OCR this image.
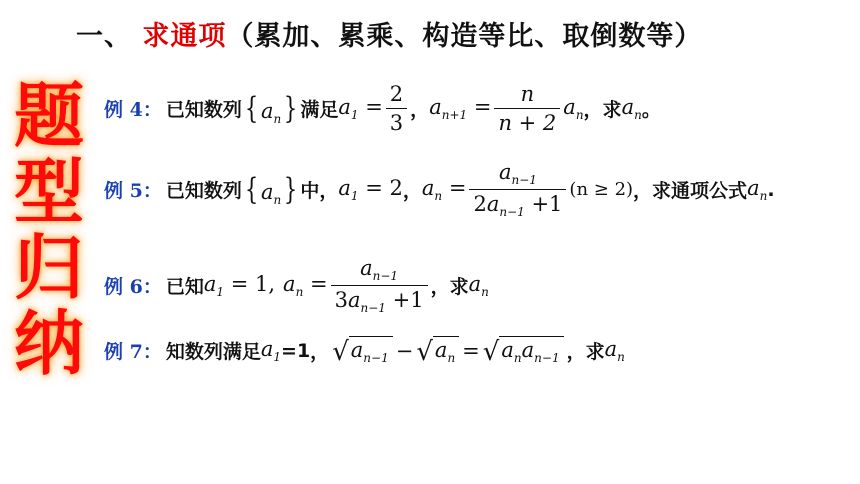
一、 求通项（累加、累乘、构造等比、取倒数等）
题
型
归
纳
例 4： 已知数列 { $a_n$} 满足 $a_1 = \frac{2}{3}$ ， $a_{n+1} = \frac{n}{n + 2} a_n$ ，求 $a_n$ 。
例 5： 已知数列 { $a_n$} 中， $a_1 = 2$ ， $a_n = \frac{a_{n-1}}{2a_{n-1} +1} (n \ge 2)$ ，求通项公式 $a_n$ .
例 6： 已知 $a_1 = 1$, $a_n = \frac{a_{n-1}}{3a_{n-1} +1}$ ，求 $a_n$
例 7： 知数列满足 $a_1 =1$ ， √ $a_{n-1}$ − √ $a_n$ = √ $a_na_{n-1}$ ，求 $a_n$
